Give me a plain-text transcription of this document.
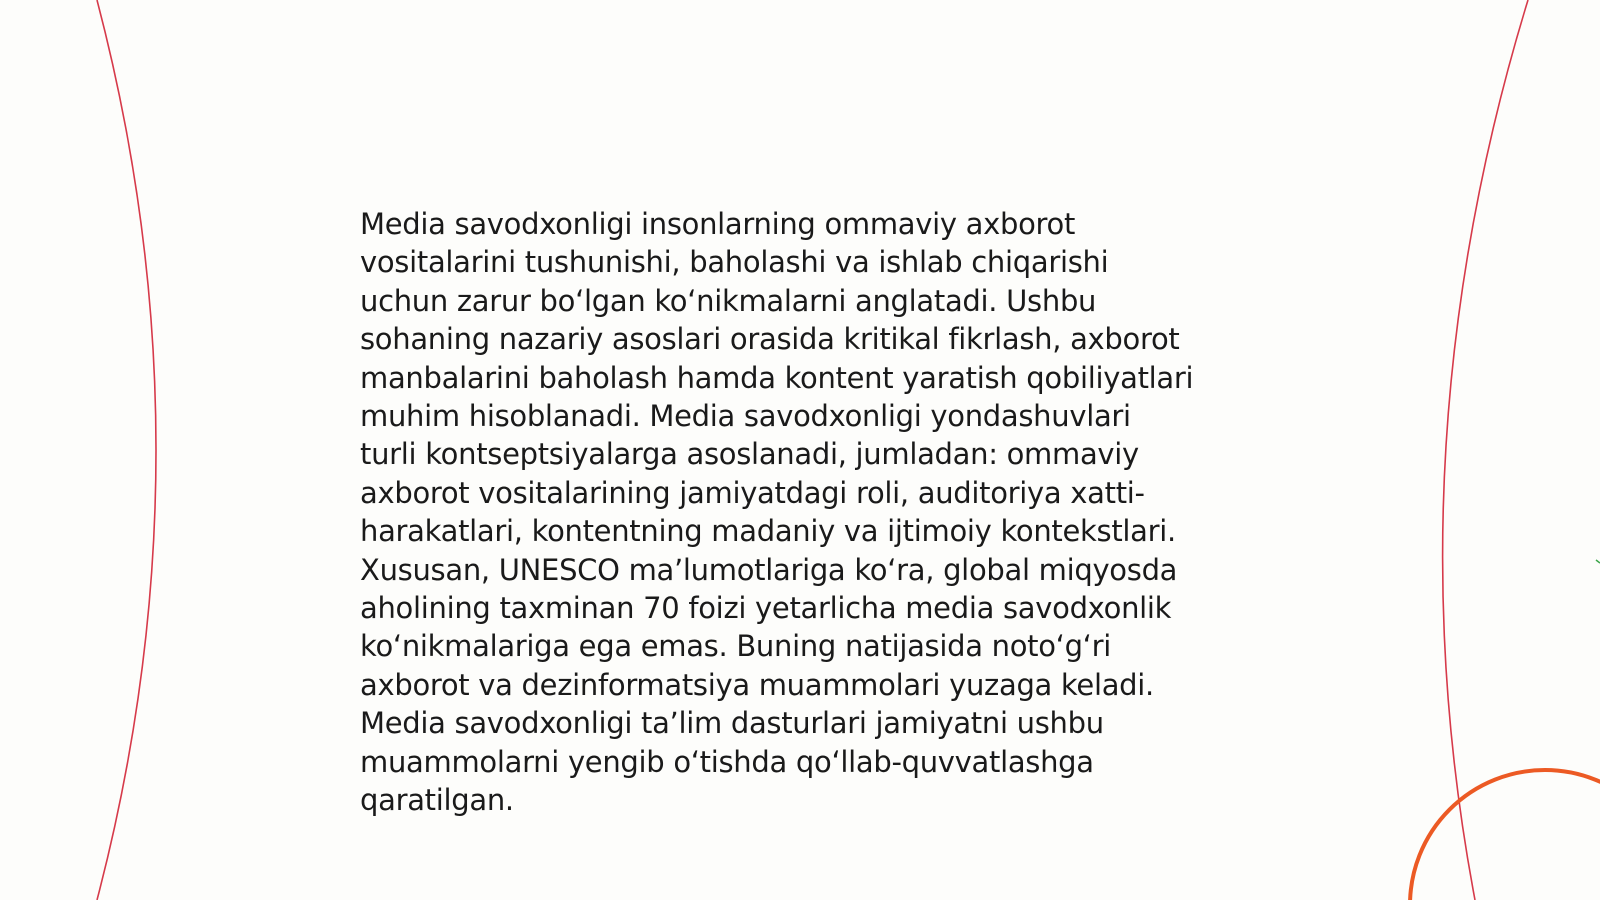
Media savodxonligi insonlarning ommaviy axborot
vositalarini tushunishi, baholashi va ishlab chiqarishi
uchun zarur bo‘lgan ko‘nikmalarni anglatadi. Ushbu
sohaning nazariy asoslari orasida kritikal fikrlash, axborot
manbalarini baholash hamda kontent yaratish qobiliyatlari
muhim hisoblanadi. Media savodxonligi yondashuvlari
turli kontseptsiyalarga asoslanadi, jumladan: ommaviy
axborot vositalarining jamiyatdagi roli, auditoriya xatti-
harakatlari, kontentning madaniy va ijtimoiy kontekstlari.
Xususan, UNESCO ma’lumotlariga ko‘ra, global miqyosda
aholining taxminan 70 foizi yetarlicha media savodxonlik
ko‘nikmalariga ega emas. Buning natijasida noto‘g‘ri
axborot va dezinformatsiya muammolari yuzaga keladi.
Media savodxonligi ta’lim dasturlari jamiyatni ushbu
muammolarni yengib o‘tishda qo‘llab-quvvatlashga
qaratilgan.
